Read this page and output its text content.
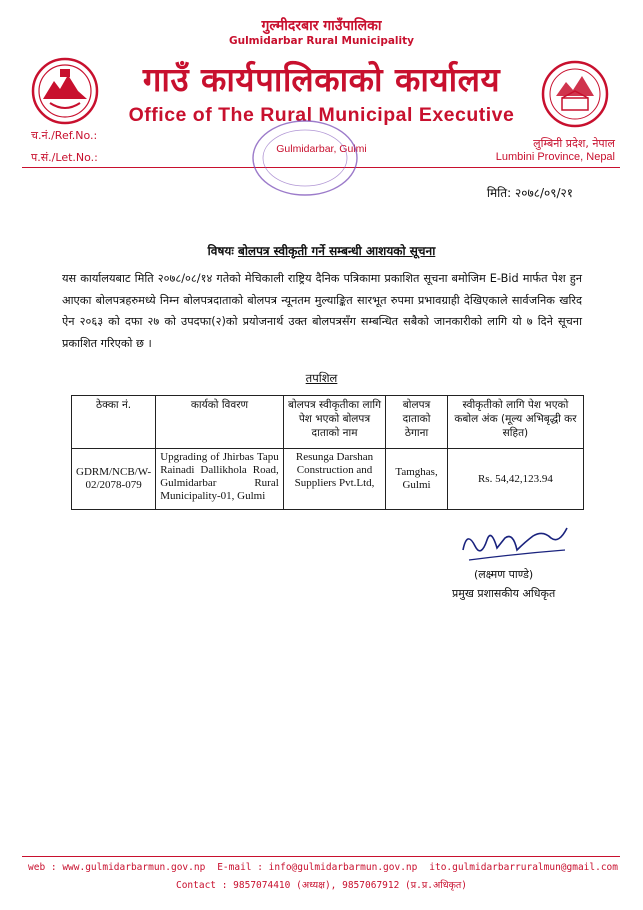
गुल्मीदरबार गाउँपालिका
Gulmidarbar Rural Municipality
गाउँ कार्यपालिकाको कार्यालय
Office of The Rural Municipal Executive
Gulmidarbar, Gulmi
च.नं./Ref.No.:
प.सं./Let.No.:
लुम्बिनी प्रदेश, नेपाल
Lumbini Province, Nepal
मिति: २०७८/०९/२१
विषयः बोलपत्र स्वीकृती गर्ने सम्बन्धी आशयको सूचना
यस कार्यालयबाट मिति २०७८/०८/१४ गतेको मेचिकाली राष्ट्रिय दैनिक पत्रिकामा प्रकाशित सूचना बमोजिम E-Bid मार्फत पेश हुन आएका बोलपत्रहरुमध्ये निम्न बोलपत्रदाताको बोलपत्र न्यूनतम मुल्याङ्कित सारभूत रुपमा प्रभावग्राही देखिएकाले सार्वजनिक खरिद ऐन २०६३ को दफा २७ को उपदफा(२)को प्रयोजनार्थ उक्त बोलपत्रसँग सम्बन्धित सबैको जानकारीको लागि यो ७ दिने सूचना प्रकाशित गरिएको छ ।
तपशिल
ठेक्का नं.	कार्यको विवरण	बोलपत्र स्वीकृतीका लागि पेश भएको बोलपत्र दाताको नाम	बोलपत्र दाताको ठेगाना	स्वीकृतीको लागि पेश भएको कबोल अंक (मूल्य अभिबृद्धी कर सहित)
GDRM/NCB/W-02/2078-079	Upgrading of Jhirbas Tapu Rainadi Dallikhola Road, Gulmidarbar Rural Municipality-01, Gulmi	Resunga Darshan Construction and Suppliers Pvt.Ltd,	Tamghas, Gulmi	Rs. 54,42,123.94
(लक्ष्मण पाण्डे)
प्रमुख प्रशासकीय अधिकृत
web : www.gulmidarbarmun.gov.np E-mail : info@gulmidarbarmun.gov.np ito.gulmidarbarruralmun@gmail.com
Contact : 9857074410 (अध्यक्ष), 9857067912 (प्र.प्र.अधिकृत)
